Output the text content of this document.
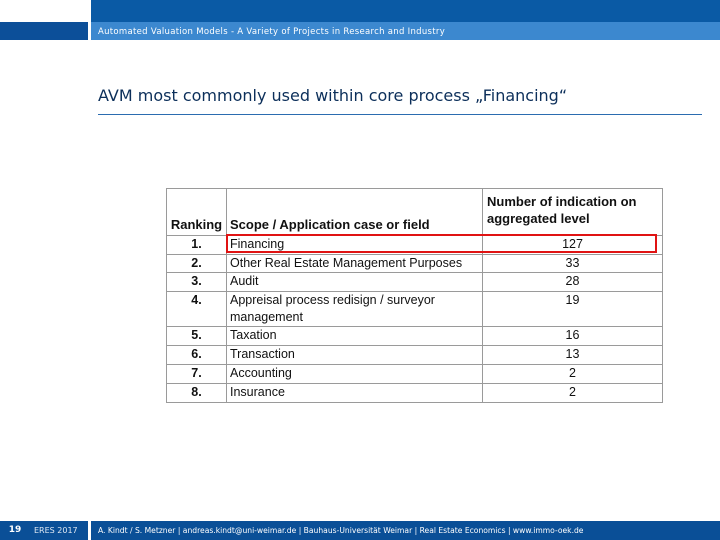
Automated Valuation Models - A Variety of Projects in Research and Industry
AVM most commonly used within core process „Financing“
Ranking	Scope / Application case or field	Number of indication on aggregated level
1.	Financing	127
2.	Other Real Estate Management Purposes	33
3.	Audit	28
4.	Appreisal process redisign / surveyor management	19
5.	Taxation	16
6.	Transaction	13
7.	Accounting	2
8.	Insurance	2
19	ERES 2017	A. Kindt / S. Metzner | andreas.kindt@uni-weimar.de | Bauhaus-Universität Weimar | Real Estate Economics | www.immo-oek.de
